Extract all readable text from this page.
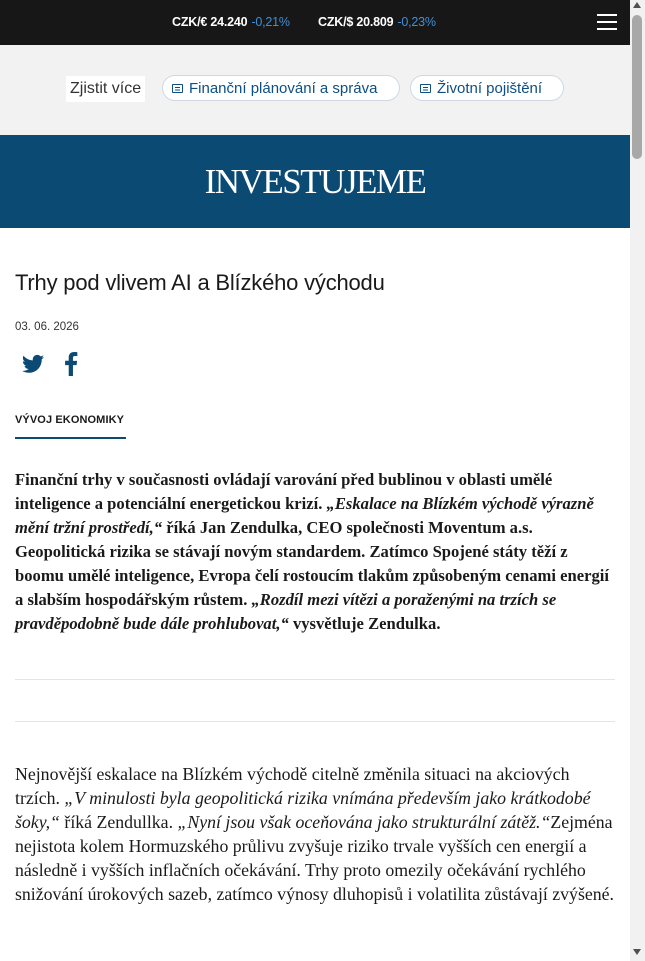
CZK/€ 24.240 -0,21% CZK/$ 20.809 -0,23%
Zjistit více	Finanční plánování a správa	Životní pojištění
INVESTUJEME
Trhy pod vlivem AI a Blízkého východu
03. 06. 2026
VÝVOJ EKONOMIKY

Finanční trhy v současnosti ovládají varování před bublinou v oblasti umělé inteligence a potenciální energetickou krizí. „Eskalace na Blízkém východě výrazně mění tržní prostředí,“ říká Jan Zendulka, CEO společnosti Moventum a.s. Geopolitická rizika se stávají novým standardem. Zatímco Spojené státy těží z boomu umělé inteligence, Evropa čelí rostoucím tlakům způsobeným cenami energií a slabším hospodářským růstem. „Rozdíl mezi vítězi a poraženými na trzích se pravděpodobně bude dále prohlubovat,“ vysvětluje Zendulka.

Nejnovější eskalace na Blízkém východě citelně změnila situaci na akciových trzích. „V minulosti byla geopolitická rizika vnímána především jako krátkodobé šoky,“ říká Zendullka. „Nyní jsou však oceňována jako strukturální zátěž.“Zejména nejistota kolem Hormuzského průlivu zvyšuje riziko trvale vyšších cen energií a následně i vyšších inflačních očekávání. Trhy proto omezily očekávání rychlého snižování úrokových sazeb, zatímco výnosy dluhopisů i volatilita zůstávají zvýšené.
